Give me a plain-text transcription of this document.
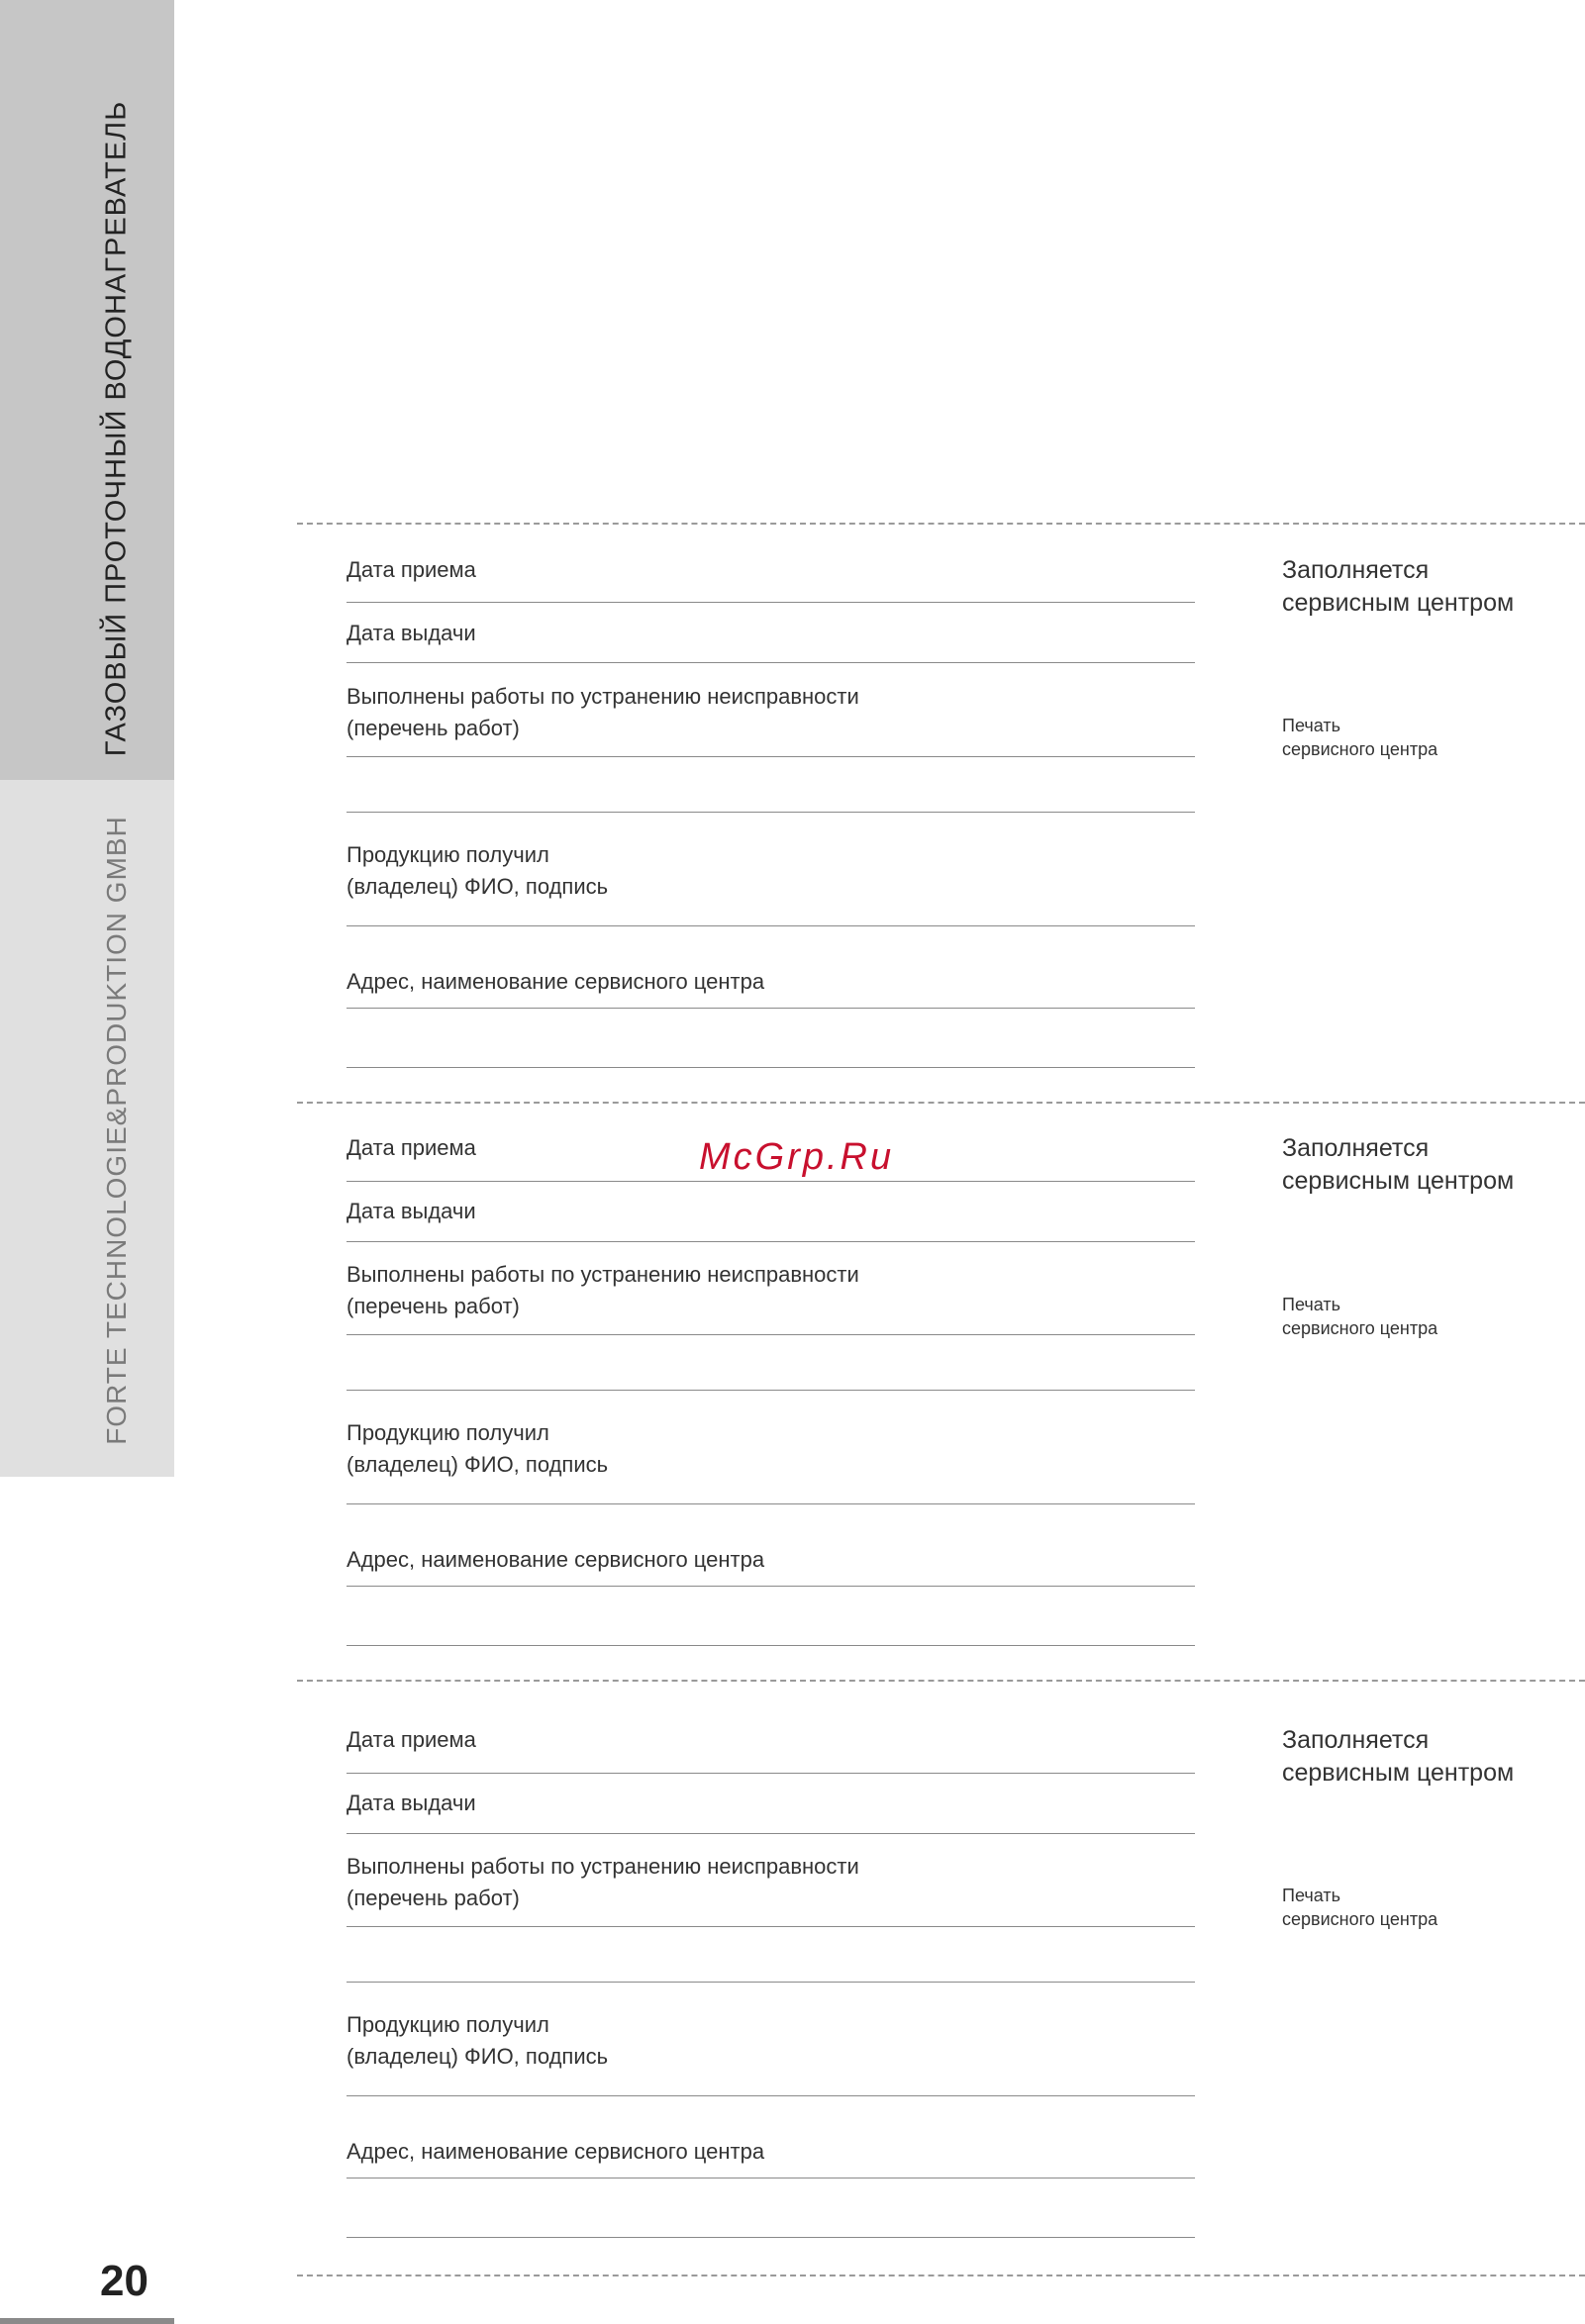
ГАЗОВЫЙ ПРОТОЧНЫЙ ВОДОНАГРЕВАТЕЛЬ
FORTE TECHNOLOGIE&PRODUKTION GMBH
20
Дата приема
Дата выдачи
Выполнены работы по устранению неисправности
(перечень работ)
Продукцию получил
(владелец) ФИО, подпись
Адрес, наименование сервисного центра
Заполняется
сервисным центром
Печать
сервисного центра
Дата приема
Дата выдачи
Выполнены работы по устранению неисправности
(перечень работ)
Продукцию получил
(владелец) ФИО, подпись
Адрес, наименование сервисного центра
Заполняется
сервисным центром
Печать
сервисного центра
Дата приема
Дата выдачи
Выполнены работы по устранению неисправности
(перечень работ)
Продукцию получил
(владелец) ФИО, подпись
Адрес, наименование сервисного центра
Заполняется
сервисным центром
Печать
сервисного центра
McGrp.Ru
